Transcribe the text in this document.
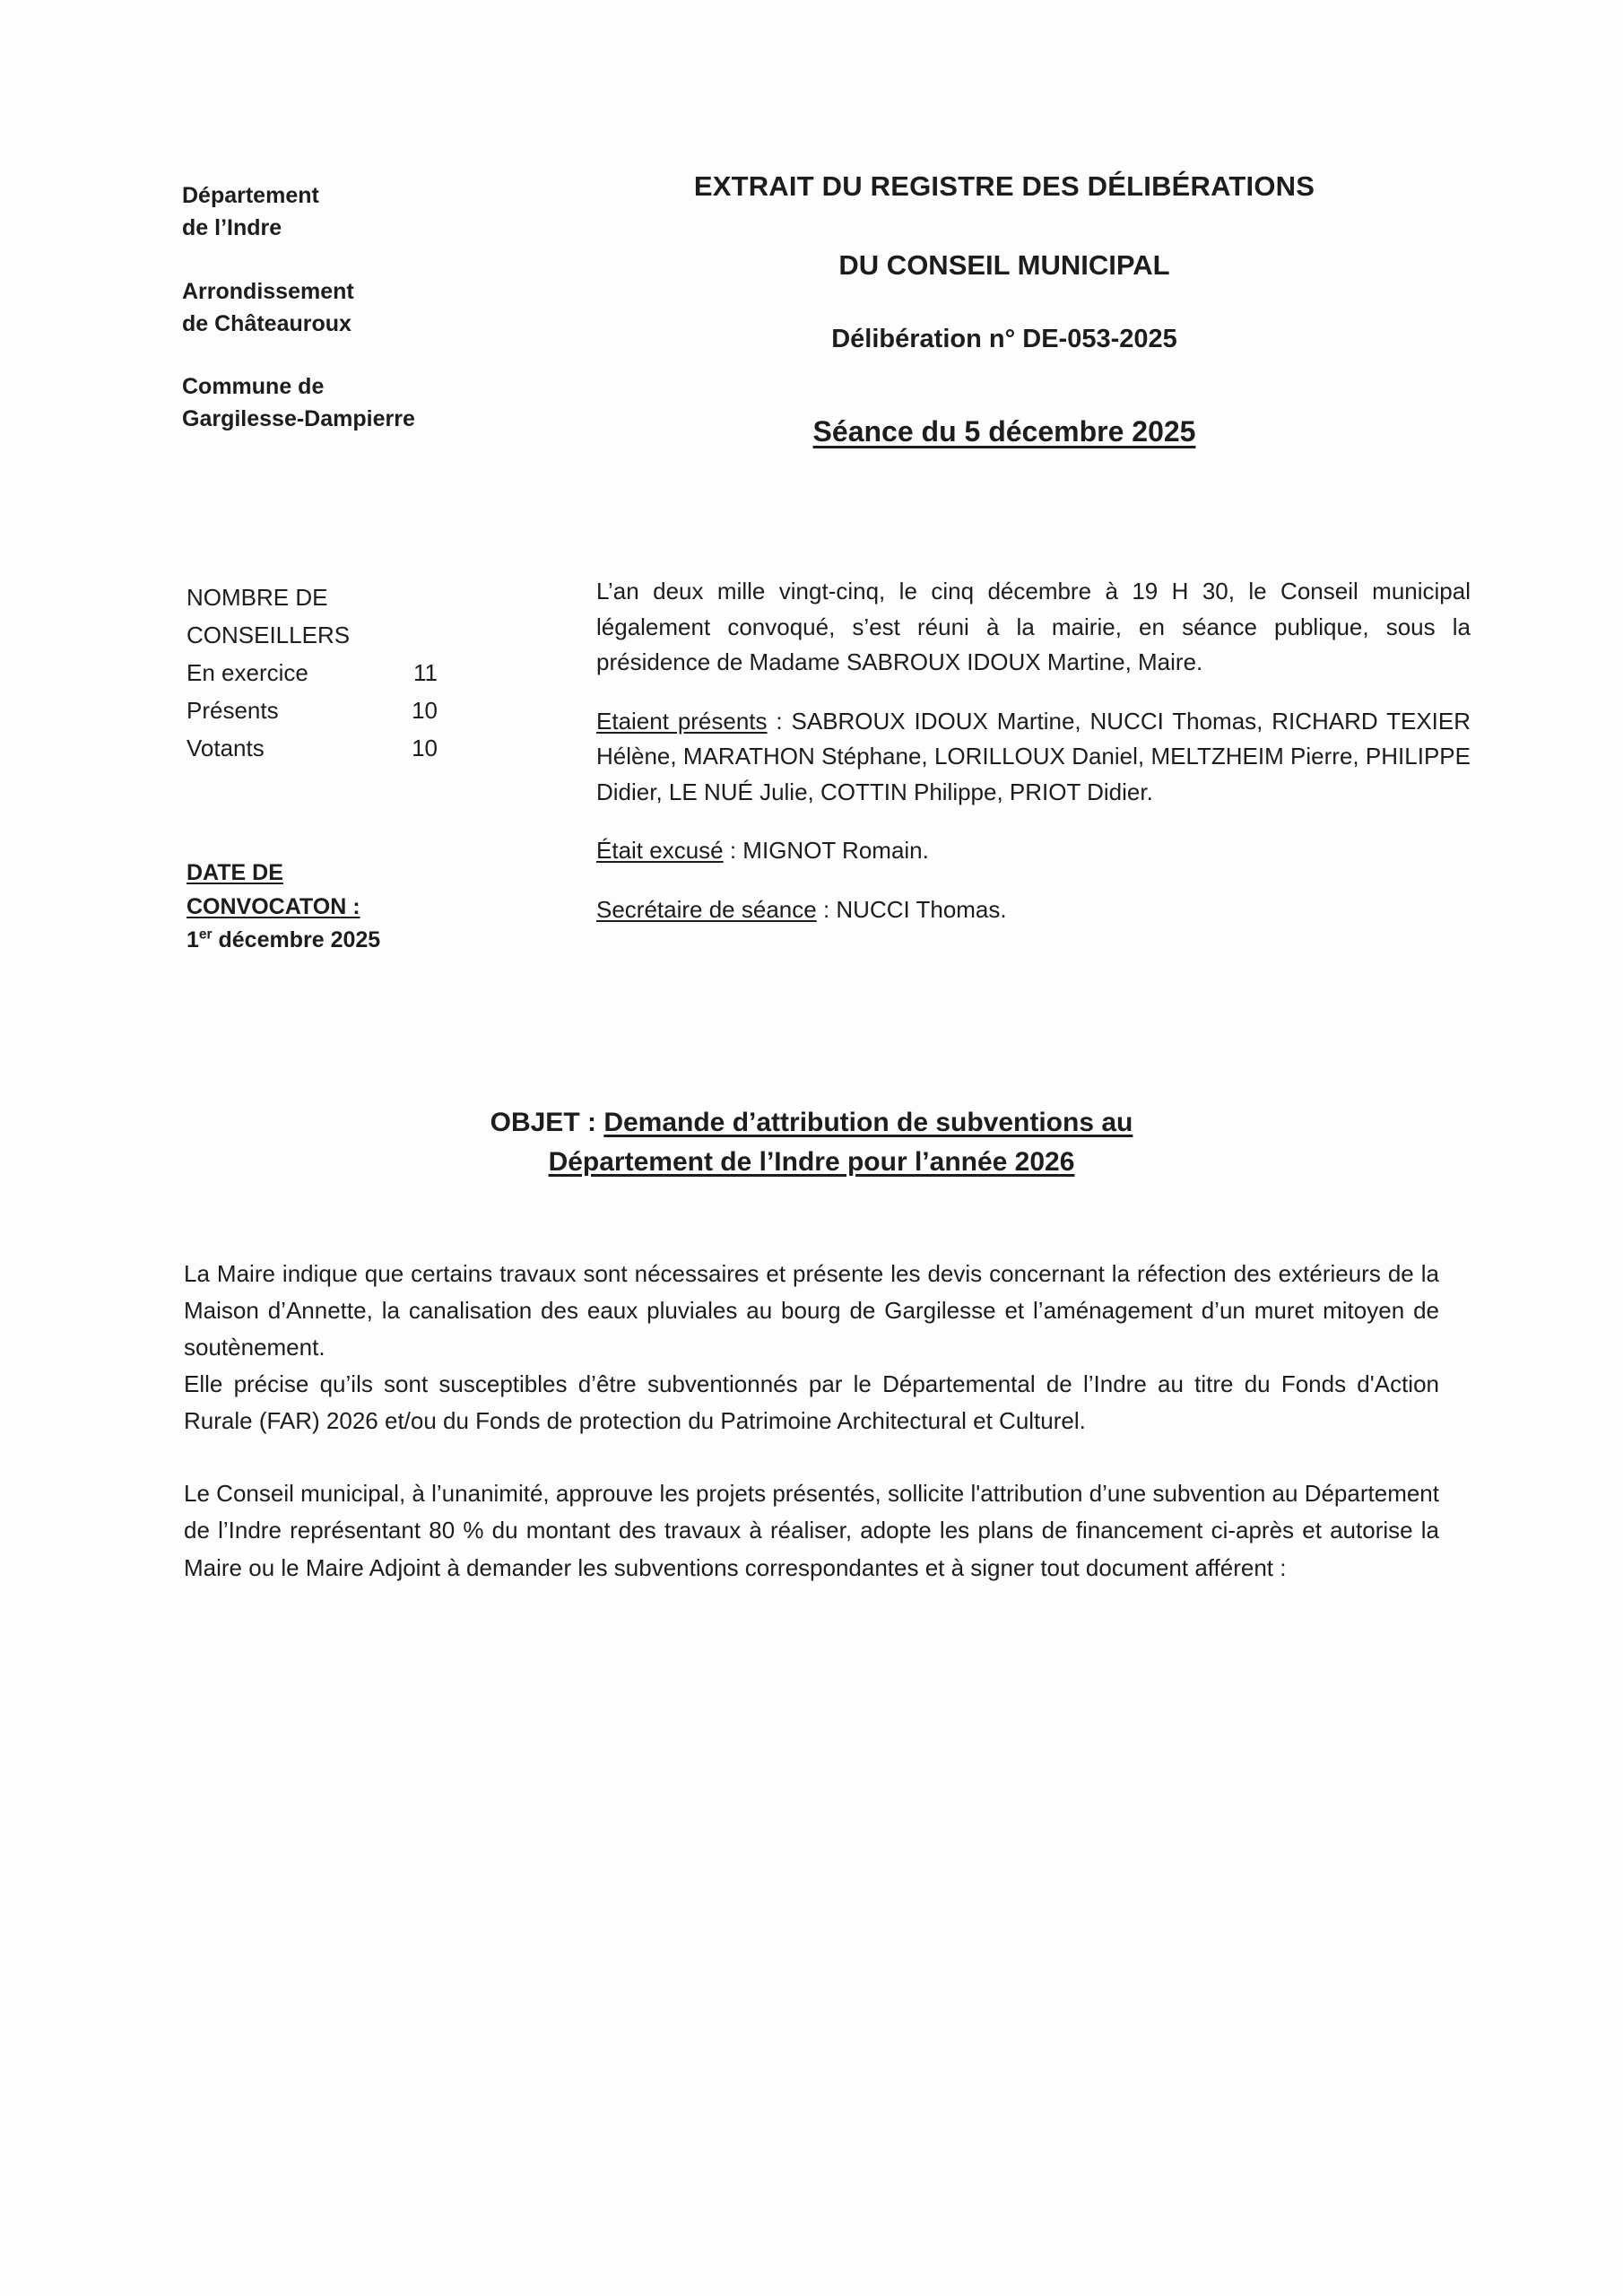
Département
de l’Indre
Arrondissement
de Châteauroux
Commune de
Gargilesse-Dampierre
EXTRAIT DU REGISTRE DES DÉLIBÉRATIONS
DU CONSEIL MUNICIPAL
Délibération n° DE-053-2025
Séance du 5 décembre 2025
NOMBRE DE
CONSEILLERS
En exercice	11
Présents	10
Votants	10
DATE DE
CONVOCATON :
1er décembre 2025

L’an deux mille vingt-cinq, le cinq décembre à 19 H 30, le Conseil municipal légalement convoqué, s’est réuni à la mairie, en séance publique, sous la présidence de Madame SABROUX IDOUX Martine, Maire.

Etaient présents : SABROUX IDOUX Martine, NUCCI Thomas, RICHARD TEXIER Hélène, MARATHON Stéphane, LORILLOUX Daniel, MELTZHEIM Pierre, PHILIPPE Didier, LE NUÉ Julie, COTTIN Philippe, PRIOT Didier.

Était excusé : MIGNOT Romain.

Secrétaire de séance : NUCCI Thomas.

OBJET : Demande d’attribution de subventions au
Département de l’Indre pour l’année 2026

La Maire indique que certains travaux sont nécessaires et présente les devis concernant la réfection des extérieurs de la Maison d’Annette, la canalisation des eaux pluviales au bourg de Gargilesse et l’aménagement d’un muret mitoyen de soutènement.

Elle précise qu’ils sont susceptibles d’être subventionnés par le Départemental de l’Indre au titre du Fonds d'Action Rurale (FAR) 2026 et/ou du Fonds de protection du Patrimoine Architectural et Culturel.

Le Conseil municipal, à l’unanimité, approuve les projets présentés, sollicite l'attribution d’une subvention au Département de l’Indre représentant 80 % du montant des travaux à réaliser, adopte les plans de financement ci-après et autorise la Maire ou le Maire Adjoint à demander les subventions correspondantes et à signer tout document afférent :
